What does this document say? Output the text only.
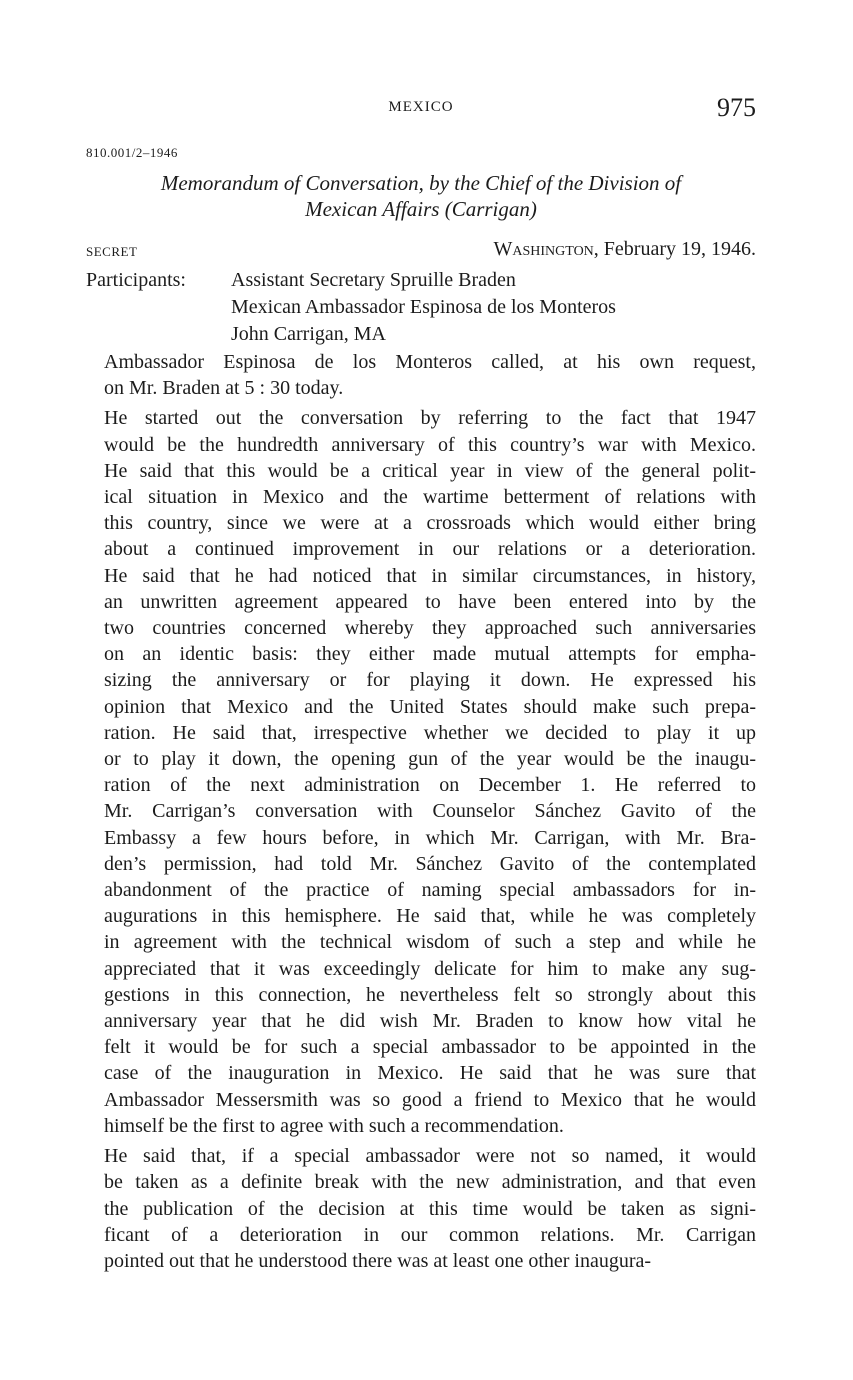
MEXICO	975
810.001/2–1946
Memorandum of Conversation, by the Chief of the Division of
Mexican Affairs (Carrigan)
SECRET	Washington, February 19, 1946.
Participants: Assistant Secretary Spruille Braden
Mexican Ambassador Espinosa de los Monteros
John Carrigan, MA
Ambassador Espinosa de los Monteros called, at his own request,
on Mr. Braden at 5 : 30 today.
He started out the conversation by referring to the fact that 1947
would be the hundredth anniversary of this country’s war with Mexico.
He said that this would be a critical year in view of the general polit-
ical situation in Mexico and the wartime betterment of relations with
this country, since we were at a crossroads which would either bring
about a continued improvement in our relations or a deterioration.
He said that he had noticed that in similar circumstances, in history,
an unwritten agreement appeared to have been entered into by the
two countries concerned whereby they approached such anniversaries
on an identic basis: they either made mutual attempts for empha-
sizing the anniversary or for playing it down. He expressed his
opinion that Mexico and the United States should make such prepa-
ration. He said that, irrespective whether we decided to play it up
or to play it down, the opening gun of the year would be the inaugu-
ration of the next administration on December 1. He referred to
Mr. Carrigan’s conversation with Counselor Sánchez Gavito of the
Embassy a few hours before, in which Mr. Carrigan, with Mr. Bra-
den’s permission, had told Mr. Sánchez Gavito of the contemplated
abandonment of the practice of naming special ambassadors for in-
augurations in this hemisphere. He said that, while he was completely
in agreement with the technical wisdom of such a step and while he
appreciated that it was exceedingly delicate for him to make any sug-
gestions in this connection, he nevertheless felt so strongly about this
anniversary year that he did wish Mr. Braden to know how vital he
felt it would be for such a special ambassador to be appointed in the
case of the inauguration in Mexico. He said that he was sure that
Ambassador Messersmith was so good a friend to Mexico that he would
himself be the first to agree with such a recommendation.
He said that, if a special ambassador were not so named, it would
be taken as a definite break with the new administration, and that even
the publication of the decision at this time would be taken as signi-
ficant of a deterioration in our common relations. Mr. Carrigan
pointed out that he understood there was at least one other inaugura-
